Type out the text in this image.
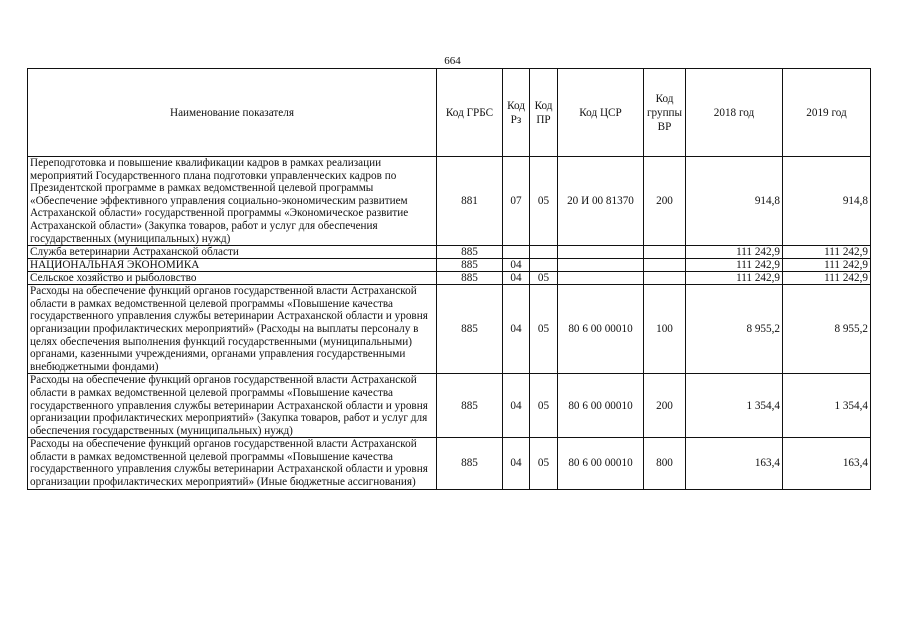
664
Наименование показателя	Код ГРБС	Код Рз	Код ПР	Код ЦСР	Код группы ВР	2018 год	2019 год
Переподготовка и повышение квалификации кадров в рамках реализации мероприятий Государственного плана подготовки управленческих кадров по Президентской программе в рамках ведомственной целевой программы «Обеспечение эффективного управления социально-экономическим развитием Астраханской области» государственной программы «Экономическое развитие Астраханской области» (Закупка товаров, работ и услуг для обеспечения государственных (муниципальных) нужд)	881	07	05	20 И 00 81370	200	914,8	914,8
Служба ветеринарии Астраханской области	885					111 242,9	111 242,9
НАЦИОНАЛЬНАЯ ЭКОНОМИКА	885	04				111 242,9	111 242,9
Сельское хозяйство и рыболовство	885	04	05			111 242,9	111 242,9
Расходы на обеспечение функций органов государственной власти Астраханской области в рамках ведомственной целевой программы «Повышение качества государственного управления службы ветеринарии Астраханской области и уровня организации профилактических мероприятий» (Расходы на выплаты персоналу в целях обеспечения выполнения функций государственными (муниципальными) органами, казенными учреждениями, органами управления государственными внебюджетными фондами)	885	04	05	80 6 00 00010	100	8 955,2	8 955,2
Расходы на обеспечение функций органов государственной власти Астраханской области в рамках ведомственной целевой программы «Повышение качества государственного управления службы ветеринарии Астраханской области и уровня организации профилактических мероприятий» (Закупка товаров, работ и услуг для обеспечения государственных (муниципальных) нужд)	885	04	05	80 6 00 00010	200	1 354,4	1 354,4
Расходы на обеспечение функций органов государственной власти Астраханской области в рамках ведомственной целевой программы «Повышение качества государственного управления службы ветеринарии Астраханской области и уровня организации профилактических мероприятий» (Иные бюджетные ассигнования)	885	04	05	80 6 00 00010	800	163,4	163,4
